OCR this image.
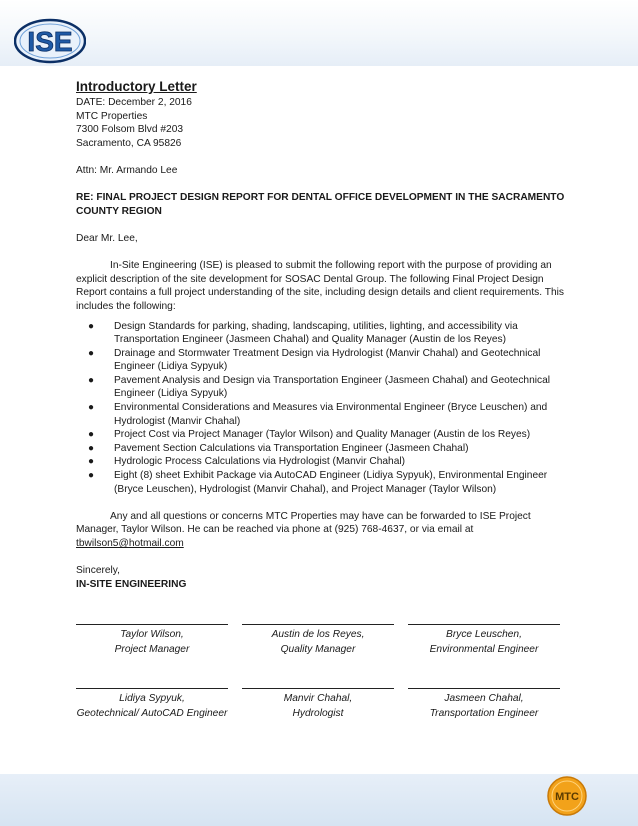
ISE
Introductory Letter

DATE: December 2, 2016

MTC Properties

7300 Folsom Blvd #203

Sacramento, CA 95826

Attn: Mr. Armando Lee

RE: FINAL PROJECT DESIGN REPORT FOR DENTAL OFFICE DEVELOPMENT IN THE SACRAMENTO COUNTY REGION

Dear Mr. Lee,

In-Site Engineering (ISE) is pleased to submit the following report with the purpose of providing an explicit description of the site development for SOSAC Dental Group. The following Final Project Design Report contains a full project understanding of the site, including design details and client requirements. This includes the following:

● Design Standards for parking, shading, landscaping, utilities, lighting, and accessibility via Transportation Engineer (Jasmeen Chahal) and Quality Manager (Austin de los Reyes)
● Drainage and Stormwater Treatment Design via Hydrologist (Manvir Chahal) and Geotechnical Engineer (Lidiya Sypyuk)
● Pavement Analysis and Design via Transportation Engineer (Jasmeen Chahal) and Geotechnical Engineer (Lidiya Sypyuk)
● Environmental Considerations and Measures via Environmental Engineer (Bryce Leuschen) and Hydrologist (Manvir Chahal)
● Project Cost via Project Manager (Taylor Wilson) and Quality Manager (Austin de los Reyes)
● Pavement Section Calculations via Transportation Engineer (Jasmeen Chahal)
● Hydrologic Process Calculations via Hydrologist (Manvir Chahal)
● Eight (8) sheet Exhibit Package via AutoCAD Engineer (Lidiya Sypyuk), Environmental Engineer (Bryce Leuschen), Hydrologist (Manvir Chahal), and Project Manager (Taylor Wilson)

Any and all questions or concerns MTC Properties may have can be forwarded to ISE Project Manager, Taylor Wilson. He can be reached via phone at (925) 768-4637, or via email at
tbwilson5@hotmail.com

Sincerely,

IN-SITE ENGINEERING

Taylor Wilson,
Project Manager
Austin de los Reyes,
Quality Manager
Bryce Leuschen,
Environmental Engineer
Lidiya Sypyuk,
Geotechnical/ AutoCAD Engineer
Manvir Chahal,
Hydrologist
Jasmeen Chahal,
Transportation Engineer
MTC
